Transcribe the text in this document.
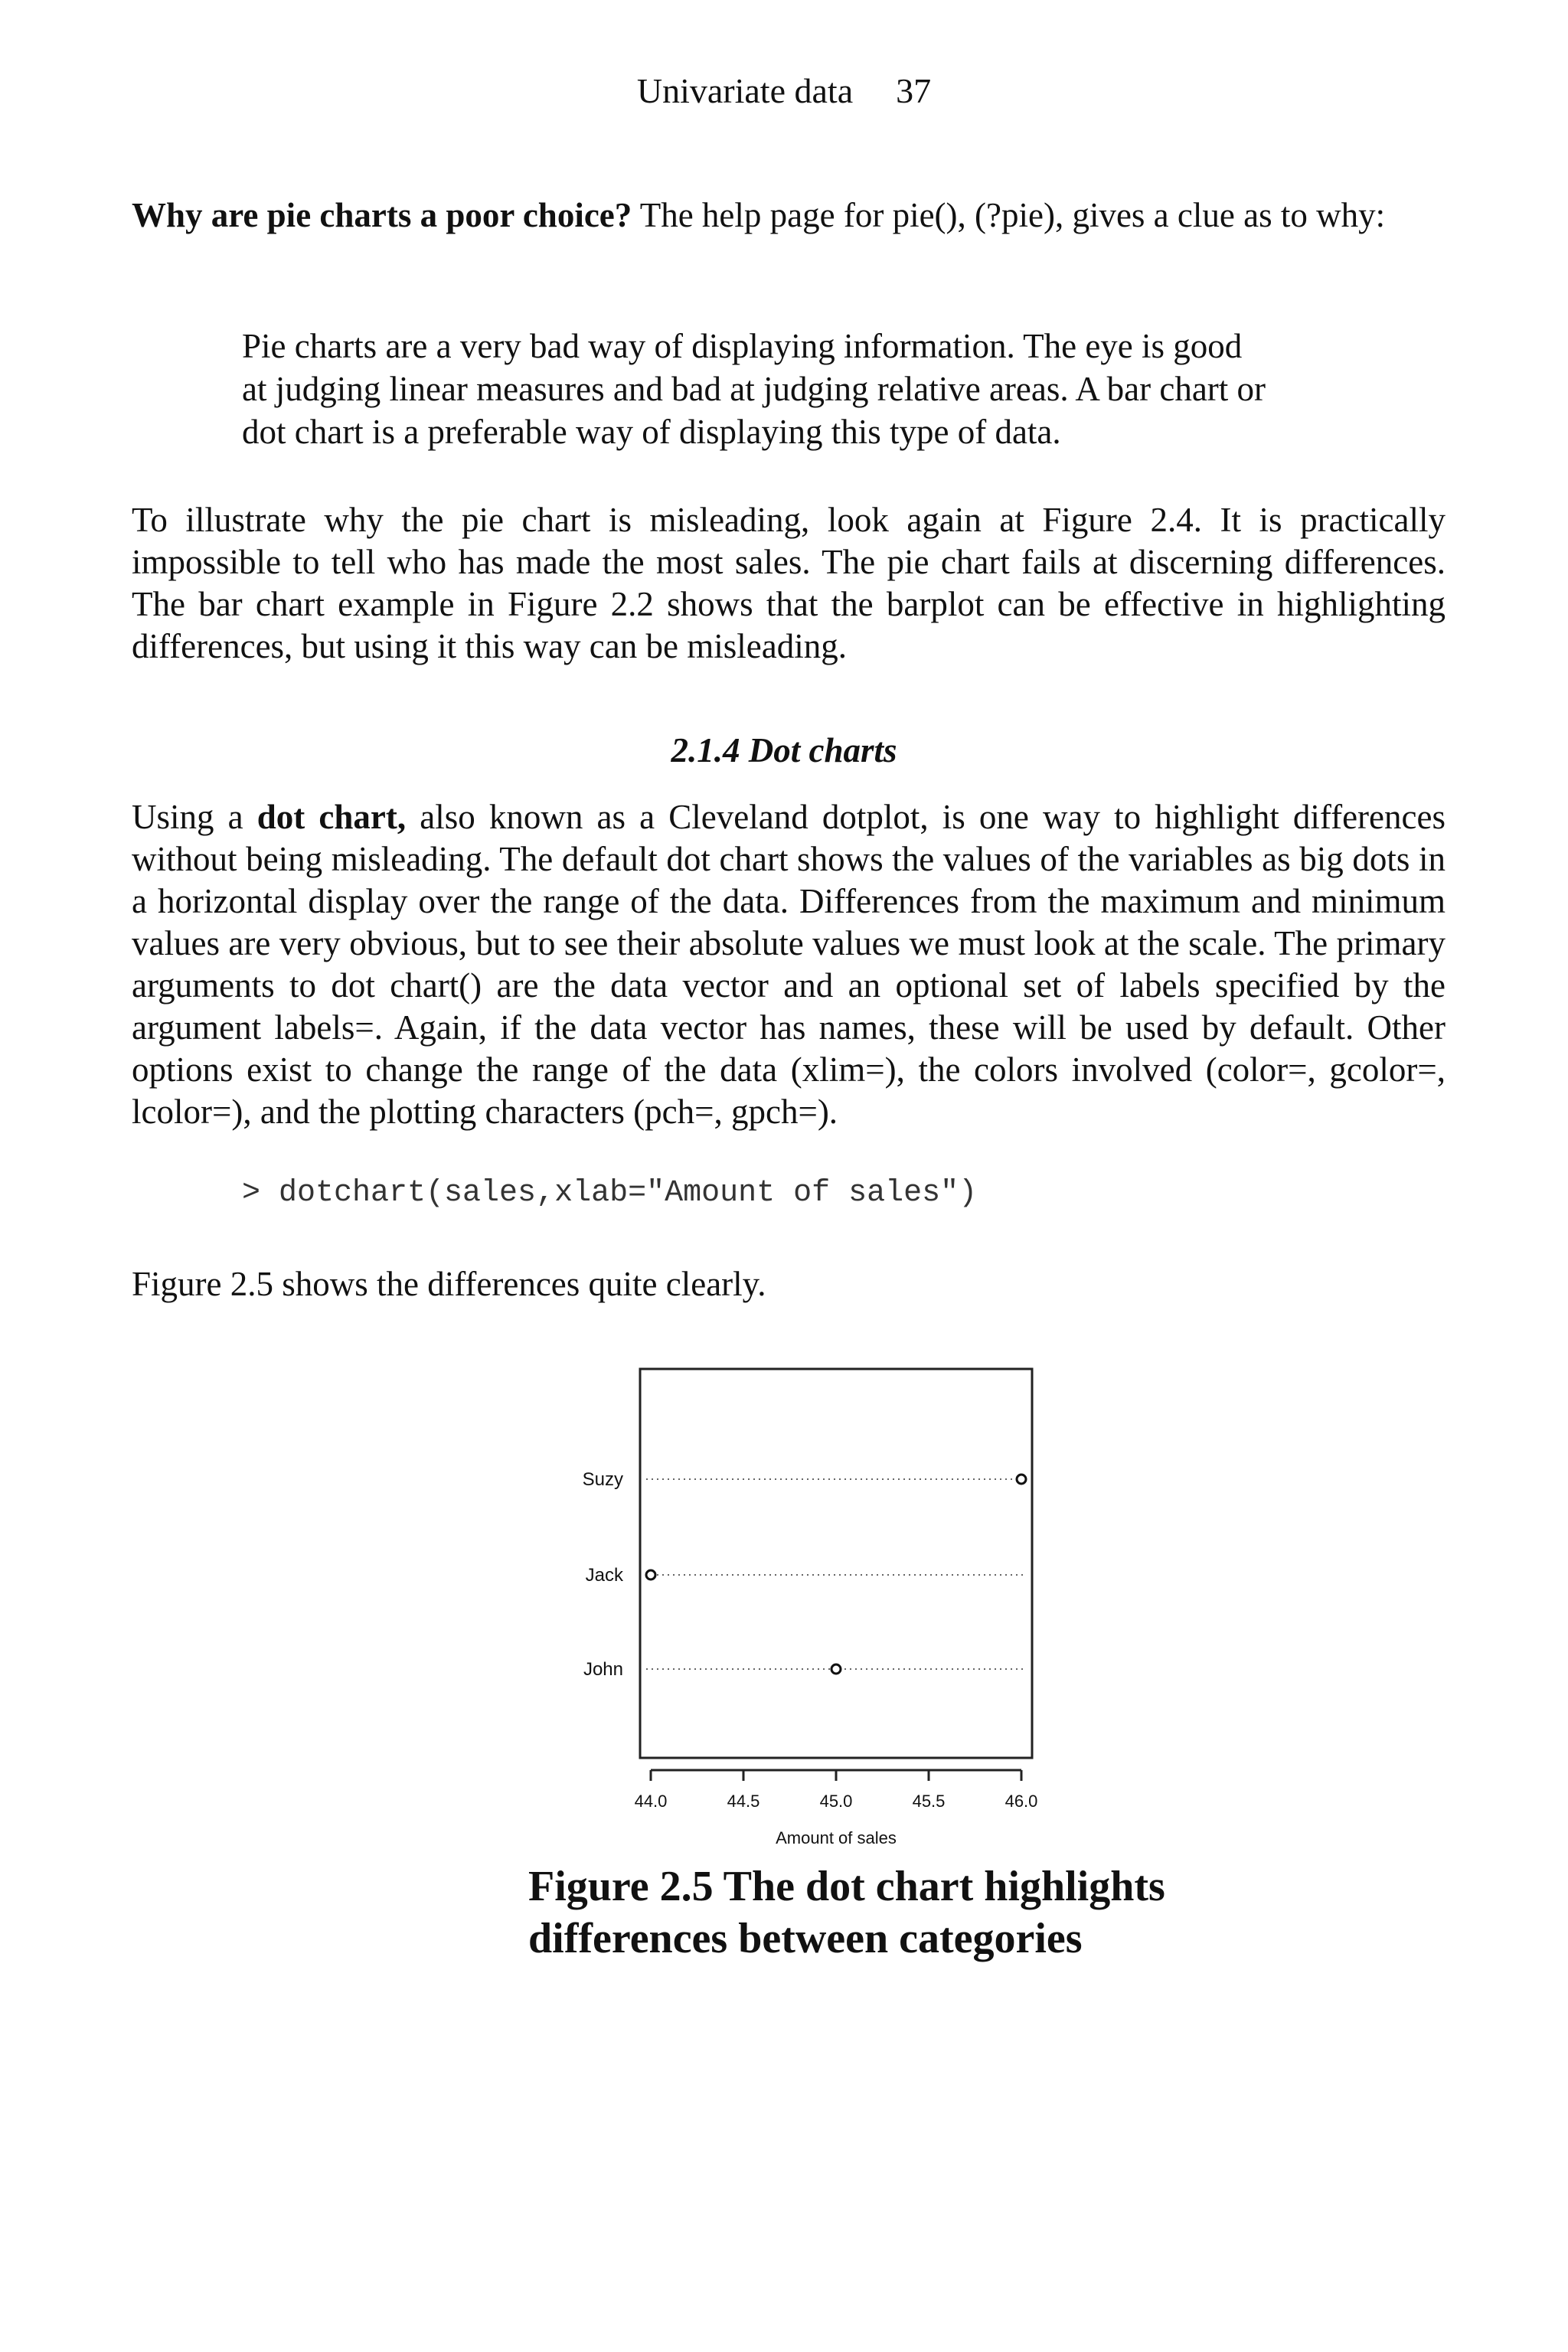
Univariate data 37

Why are pie charts a poor choice? The help page for pie(), (?pie), gives a clue as to why:

Pie charts are a very bad way of displaying information. The eye is good
at judging linear measures and bad at judging relative areas. A bar chart or
dot chart is a preferable way of displaying this type of data.

To illustrate why the pie chart is misleading, look again at Figure 2.4. It is practically impossible to tell who has made the most sales. The pie chart fails at discerning differences. The bar chart example in Figure 2.2 shows that the barplot can be effective in highlighting differences, but using it this way can be misleading.

2.1.4 Dot charts

Using a dot chart, also known as a Cleveland dotplot, is one way to highlight differences without being misleading. The default dot chart shows the values of the variables as big dots in a horizontal display over the range of the data. Differences from the maximum and minimum values are very obvious, but to see their absolute values we must look at the scale. The primary arguments to dot chart() are the data vector and an optional set of labels specified by the argument labels=. Again, if the data vector has names, these will be used by default. Other options exist to change the range of the data (xlim=), the colors involved (color=, gcolor=, lcolor=), and the plotting characters (pch=, gpch=).

> dotchart(sales,xlab="Amount of sales")

Figure 2.5 shows the differences quite clearly.

John
Jack
Suzy
44.0	44.5	45.0	45.5	46.0
Amount of sales
Figure 2.5 The dot chart highlights
differences between categories
